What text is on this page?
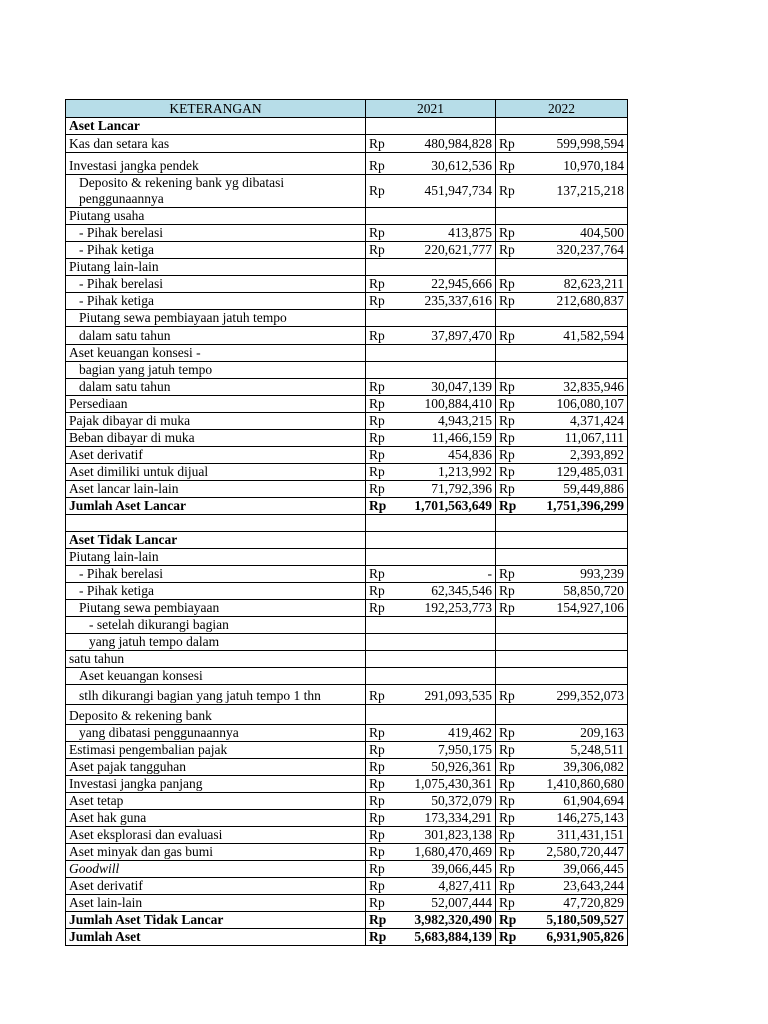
KETERANGAN	2021	2022
Aset Lancar		
Kas dan setara kas	Rp 480,984,828	Rp 599,998,594

Investasi jangka pendek	Rp 30,612,536	Rp 10,970,184

Deposito & rekening bank yg dibatasi
penggunaannya	Rp 451,947,734	Rp 137,215,218

Piutang usaha		
- Pihak berelasi	Rp 413,875	Rp 404,500

- Pihak ketiga	Rp 220,621,777	Rp 320,237,764

Piutang lain-lain		
- Pihak berelasi	Rp 22,945,666	Rp 82,623,211

- Pihak ketiga	Rp 235,337,616	Rp 212,680,837

Piutang sewa pembiayaan jatuh tempo		
dalam satu tahun	Rp 37,897,470	Rp 41,582,594

Aset keuangan konsesi -		
bagian yang jatuh tempo		
dalam satu tahun	Rp 30,047,139	Rp 32,835,946

Persediaan	Rp 100,884,410	Rp 106,080,107

Pajak dibayar di muka	Rp 4,943,215	Rp 4,371,424

Beban dibayar di muka	Rp 11,466,159	Rp 11,067,111

Aset derivatif	Rp 454,836	Rp 2,393,892

Aset dimiliki untuk dijual	Rp 1,213,992	Rp 129,485,031

Aset lancar lain-lain	Rp 71,792,396	Rp 59,449,886

Jumlah Aset Lancar	Rp 1,701,563,649	Rp 1,751,396,299

Aset Tidak Lancar		
Piutang lain-lain		
- Pihak berelasi	Rp -	Rp 993,239

- Pihak ketiga	Rp 62,345,546	Rp 58,850,720

Piutang sewa pembiayaan	Rp 192,253,773	Rp 154,927,106

- setelah dikurangi bagian		
yang jatuh tempo dalam		
satu tahun		
Aset keuangan konsesi		
stlh dikurangi bagian yang jatuh tempo 1 thn	Rp 291,093,535	Rp 299,352,073

Deposito & rekening bank		
yang dibatasi penggunaannya	Rp 419,462	Rp 209,163

Estimasi pengembalian pajak	Rp 7,950,175	Rp 5,248,511

Aset pajak tangguhan	Rp 50,926,361	Rp 39,306,082

Investasi jangka panjang	Rp 1,075,430,361	Rp 1,410,860,680

Aset tetap	Rp 50,372,079	Rp 61,904,694

Aset hak guna	Rp 173,334,291	Rp 146,275,143

Aset eksplorasi dan evaluasi	Rp 301,823,138	Rp 311,431,151

Aset minyak dan gas bumi	Rp 1,680,470,469	Rp 2,580,720,447

Goodwill	Rp 39,066,445	Rp 39,066,445

Aset derivatif	Rp 4,827,411	Rp 23,643,244

Aset lain-lain	Rp 52,007,444	Rp 47,720,829

Jumlah Aset Tidak Lancar	Rp 3,982,320,490	Rp 5,180,509,527

Jumlah Aset	Rp 5,683,884,139	Rp 6,931,905,826
